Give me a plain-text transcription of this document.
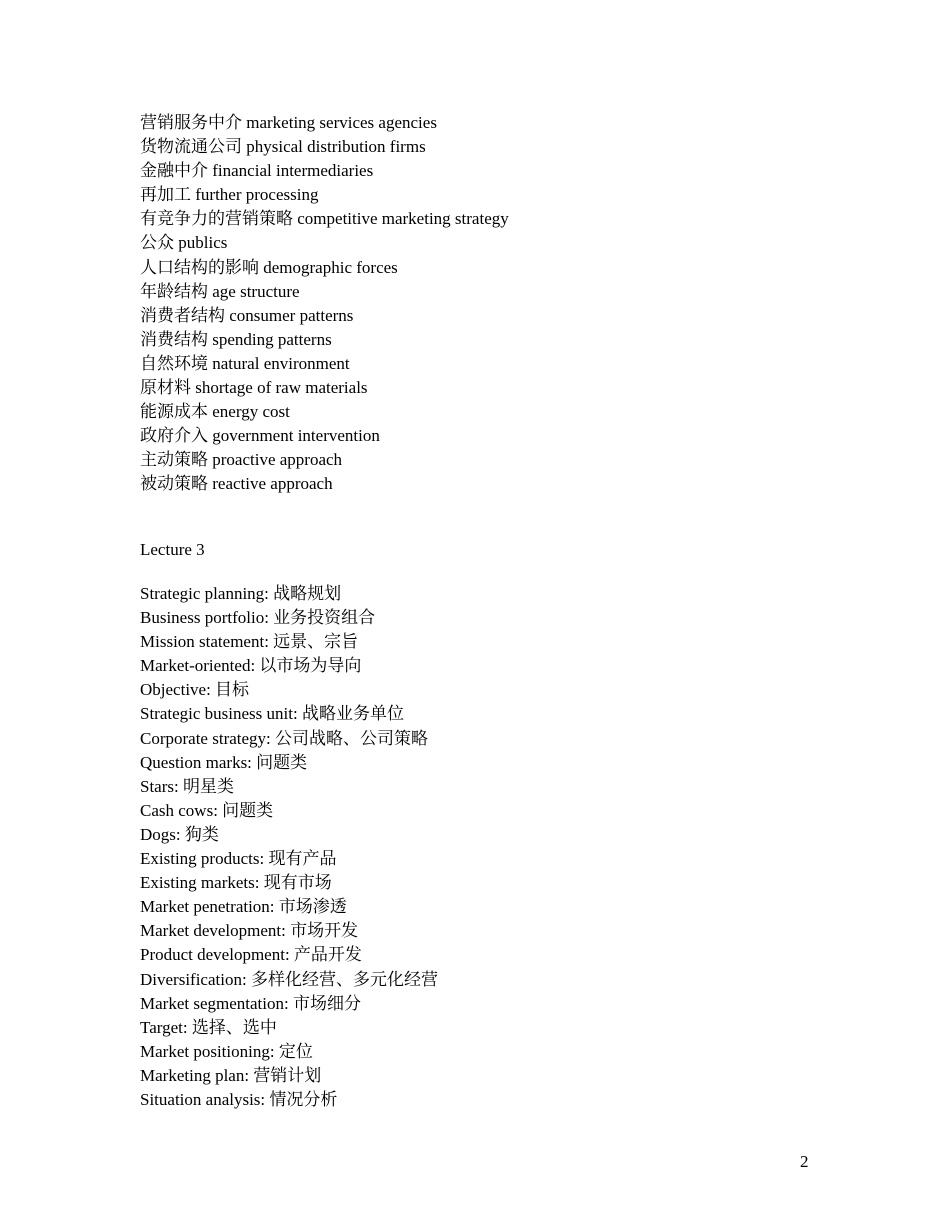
营销服务中介 marketing services agencies
货物流通公司 physical distribution firms
金融中介 financial intermediaries
再加工 further processing
有竞争力的营销策略 competitive marketing strategy
公众 publics
人口结构的影响 demographic forces
年龄结构 age structure
消费者结构 consumer patterns
消费结构 spending patterns
自然环境 natural environment
原材料 shortage of raw materials
能源成本 energy cost
政府介入 government intervention
主动策略 proactive approach
被动策略 reactive approach
Lecture 3
Strategic planning: 战略规划
Business portfolio: 业务投资组合
Mission statement: 远景、宗旨
Market-oriented: 以市场为导向
Objective: 目标
Strategic business unit: 战略业务单位
Corporate strategy: 公司战略、公司策略
Question marks: 问题类
Stars: 明星类
Cash cows: 问题类
Dogs: 狗类
Existing products: 现有产品
Existing markets: 现有市场
Market penetration: 市场渗透
Market development: 市场开发
Product development: 产品开发
Diversification: 多样化经营、多元化经营
Market segmentation: 市场细分
Target: 选择、选中
Market positioning: 定位
Marketing plan: 营销计划
Situation analysis: 情况分析
2
